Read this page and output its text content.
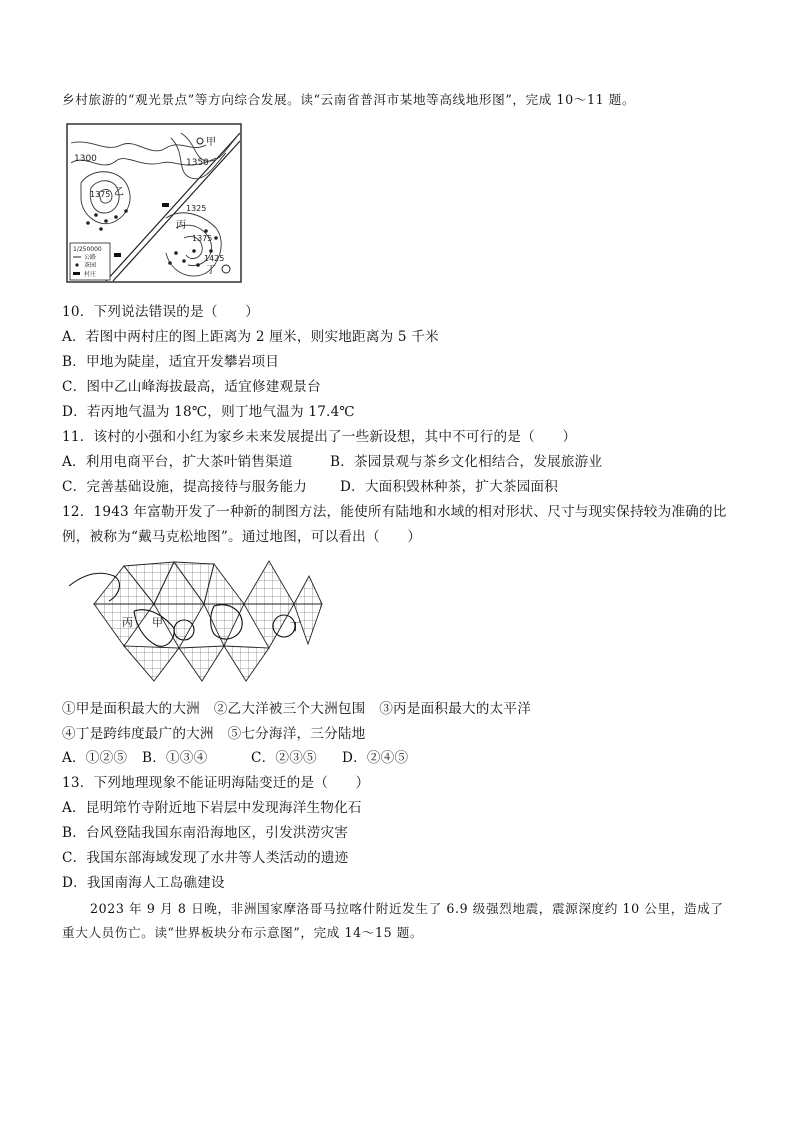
乡村旅游的“观光景点”等方向综合发展。读“云南省普洱市某地等高线地形图”，完成 10～11 题。
1300	1350
1375
1325
1375
1425
甲
乙
丙
丁
1/250000
公路
茶园
村庄
10．下列说法错误的是（　　）
A．若图中两村庄的图上距离为 2 厘米，则实地距离为 5 千米
B．甲地为陡崖，适宜开发攀岩项目
C．图中乙山峰海拔最高，适宜修建观景台
D．若丙地气温为 18℃，则丁地气温为 17.4℃
11．该村的小强和小红为家乡未来发展提出了一些新设想，其中不可行的是（　　）
A．利用电商平台，扩大茶叶销售渠道	B．茶园景观与茶乡文化相结合，发展旅游业
C．完善基础设施，提高接待与服务能力 D．大面积毁林种茶，扩大茶园面积
12．1943 年富勒开发了一种新的制图方法，能使所有陆地和水域的相对形状、尺寸与现实保持较为准确的比
例，被称为“戴马克松地图”。通过地图，可以看出（　　）
丙 甲	丁
①甲是面积最大的大洲　②乙大洋被三个大洲包围　③丙是面积最大的太平洋
④丁是跨纬度最广的大洲　⑤七分海洋，三分陆地
A．①②⑤ B．①③④	C．②③⑤ D．②④⑤
13．下列地理现象不能证明海陆变迁的是（　　）
A．昆明筇竹寺附近地下岩层中发现海洋生物化石
B．台风登陆我国东南沿海地区，引发洪涝灾害
C．我国东部海域发现了水井等人类活动的遗迹
D．我国南海人工岛礁建设
2023 年 9 月 8 日晚，非洲国家摩洛哥马拉喀什附近发生了 6.9 级强烈地震，震源深度约 10 公里，造成了
重大人员伤亡。读“世界板块分布示意图”，完成 14～15 题。
